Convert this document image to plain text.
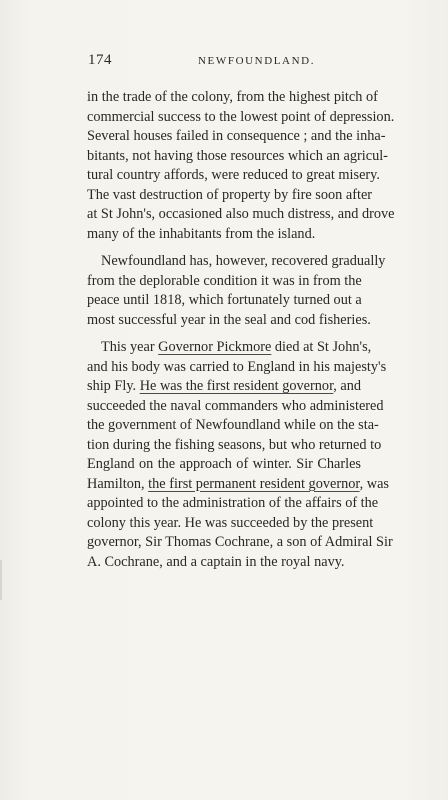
174	NEWFOUNDLAND.
in the trade of the colony, from the highest pitch of
commercial success to the lowest point of depression.
Several houses failed in consequence ; and the inha-
bitants, not having those resources which an agricul-
tural country affords, were reduced to great misery.
The vast destruction of property by fire soon after
at St John's, occasioned also much distress, and drove
many of the inhabitants from the island.
Newfoundland has, however, recovered gradually
from the deplorable condition it was in from the
peace until 1818, which fortunately turned out a
most successful year in the seal and cod fisheries.
This year Governor Pickmore died at St John's,
and his body was carried to England in his majesty's
ship Fly. He was the first resident governor, and
succeeded the naval commanders who administered
the government of Newfoundland while on the sta-
tion during the fishing seasons, but who returned to
England on the approach of winter. Sir Charles
Hamilton, the first permanent resident governor, was
appointed to the administration of the affairs of the
colony this year. He was succeeded by the present
governor, Sir Thomas Cochrane, a son of Admiral Sir
A. Cochrane, and a captain in the royal navy.
